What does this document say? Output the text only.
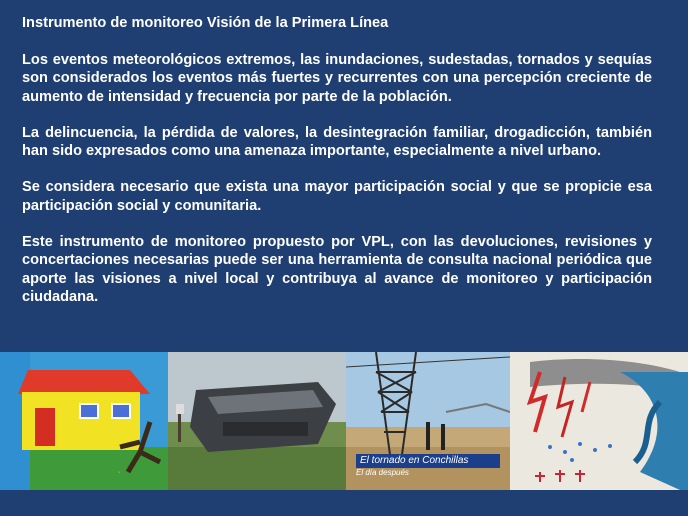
Instrumento de monitoreo Visión de la Primera Línea

Los eventos meteorológicos extremos, las inundaciones, sudestadas, tornados y sequías son considerados los eventos más fuertes y recurrentes con una percepción creciente de aumento de intensidad y frecuencia por parte de la población.

La delincuencia, la pérdida de valores, la desintegración familiar, drogadicción, también han sido expresados como una amenaza importante, especialmente a nivel urbano.

Se considera necesario que exista una mayor participación social y que se propicie esa participación social y comunitaria.

Este instrumento de monitoreo propuesto por VPL, con las devoluciones, revisiones y concertaciones necesarias puede ser una herramienta de consulta nacional periódica que aporte las visiones a nivel local y contribuya al avance de monitoreo y participación ciudadana.

·
El tornado en Conchillas
El día después
